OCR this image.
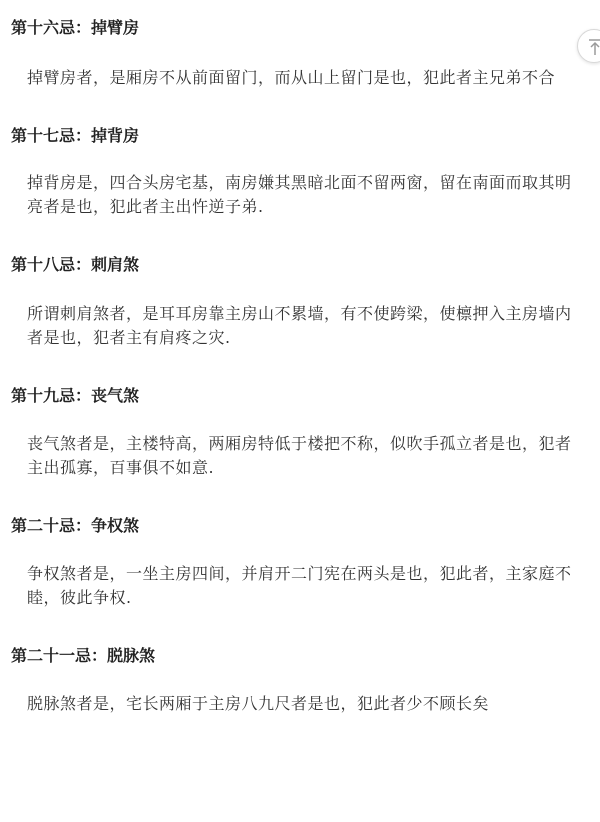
第十六忌：掉臂房

掉臂房者，是厢房不从前面留门，而从山上留门是也，犯此者主兄弟不合

第十七忌：掉背房

掉背房是，四合头房宅基，南房嫌其黑暗北面不留两窗，留在南面而取其明亮者是也，犯此者主出忤逆子弟.

第十八忌：刺肩煞

所谓刺肩煞者，是耳耳房靠主房山不累墙，有不使跨梁，使檩押入主房墙内者是也，犯者主有肩疼之灾.

第十九忌：丧气煞

丧气煞者是，主楼特高，两厢房特低于楼把不称，似吹手孤立者是也，犯者主出孤寡，百事俱不如意.

第二十忌：争权煞

争权煞者是，一坐主房四间，并肩开二门宪在两头是也，犯此者，主家庭不睦，彼此争权.

第二十一忌：脱脉煞

脱脉煞者是，宅长两厢于主房八九尺者是也，犯此者少不顾长矣
